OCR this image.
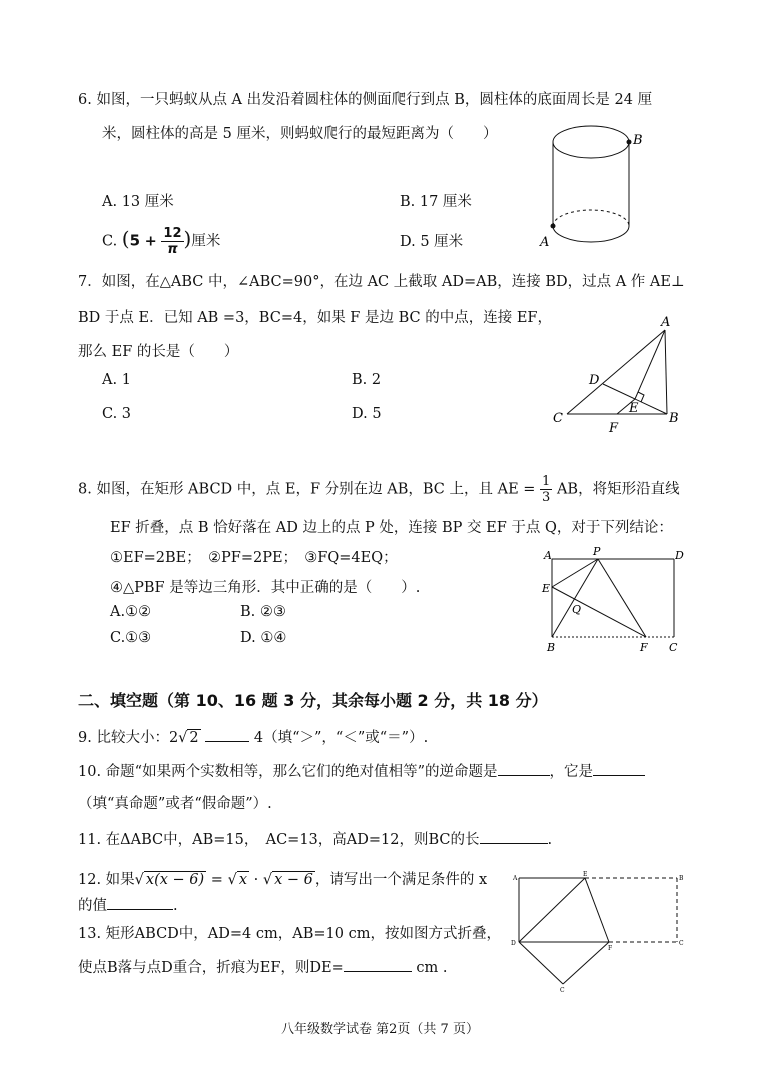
6. 如图，一只蚂蚁从点 A 出发沿着圆柱体的侧面爬行到点 B，圆柱体的底面周长是 24 厘
米，圆柱体的高是 5 厘米，则蚂蚁爬行的最短距离为（　　）
A. 13 厘米	B. 17 厘米
C. ($5 + \frac{12}{\pi}$ )厘米	D. 5 厘米
B
A
7．如图，在△ABC 中，∠ABC=90°，在边 AC 上截取 AD=AB，连接 BD，过点 A 作 AE⊥
BD 于点 E．已知 AB =3，BC=4，如果 F 是边 BC 的中点，连接 EF，
那么 EF 的长是（　　）
A. 1	B. 2
C. 3	D. 5
A
B
C
D
E
F
8. 如图，在矩形 ABCD 中，点 E，F 分别在边 AB，BC 上，且 AE = $\frac{1}{3}$ AB，将矩形沿直线
EF 折叠，点 B 恰好落在 AD 边上的点 P 处，连接 BP 交 EF 于点 Q，对于下列结论：
①EF=2BE；　②PF=2PE；　③FQ=4EQ；
④△PBF 是等边三角形．其中正确的是（　　）.
A.①②	B. ②③
C.①③	D. ①④
A	P	D
E
Q
B	F C
二、填空题（第 10、16 题 3 分，其余每小题 2 分，共 18 分）
9. 比较大小：2√ 2	4（填“＞”，“＜”或“＝”）.
10. 命题“如果两个实数相等，那么它们的绝对值相等”的逆命题是	，它是
（填“真命题”或者“假命题”）.
11. 在ΔABC中，AB=15，　AC=13，高AD=12，则BC的长	.
12. 如果√ x(x − 6) = √ x · √ x − 6 ，请写出一个满足条件的 x
的值	.
13. 矩形ABCD中，AD=4 cm，AB=10 cm，按如图方式折叠，
使点B落与点D重合，折痕为EF，则DE=	cm .
A
E
B
D
F
C
C
八年级数学试卷 第2页（共 7 页）
